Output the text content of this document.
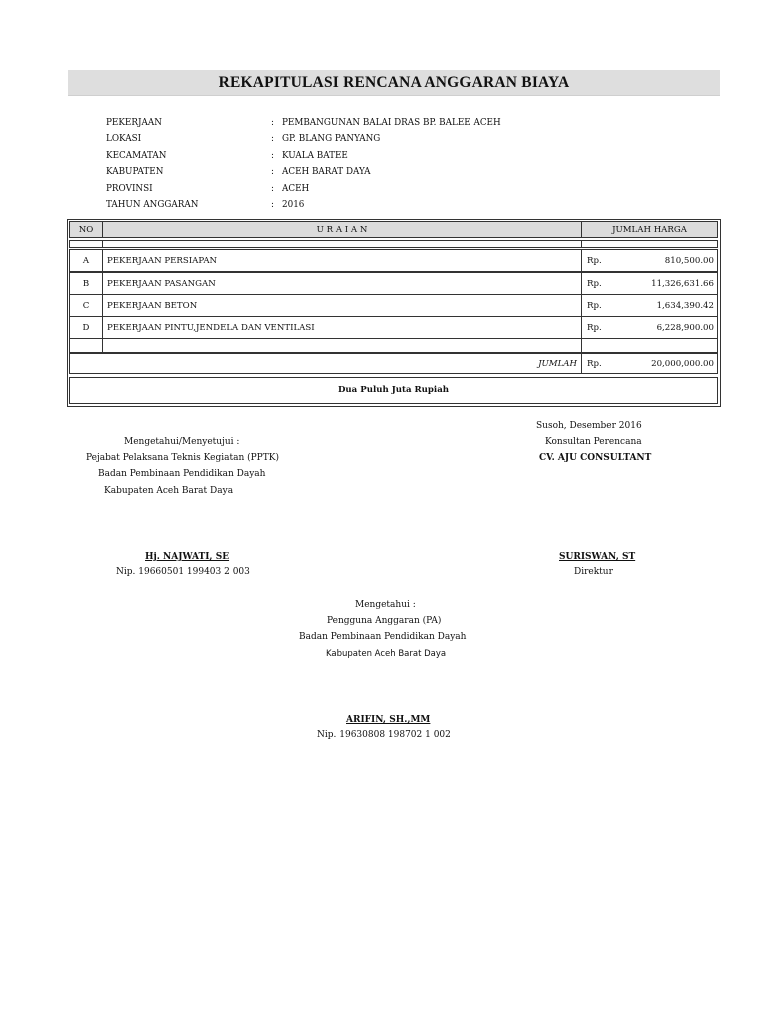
REKAPITULASI RENCANA ANGGARAN BIAYA
PEKERJAAN	: PEMBANGUNAN BALAI DRAS BP. BALEE ACEH
LOKASI	: GP. BLANG PANYANG
KECAMATAN	: KUALA BATEE
KABUPATEN	: ACEH BARAT DAYA
PROVINSI	: ACEH
TAHUN ANGGARAN	: 2016
NO	U R A I A N	JUMLAH HARGA
A	PEKERJAAN PERSIAPAN	Rp.	810,500.00
B	PEKERJAAN PASANGAN	Rp.	11,326,631.66
C	PEKERJAAN BETON	Rp.	1,634,390.42
D	PEKERJAAN PINTU,JENDELA DAN VENTILASI	Rp.	6,228,900.00
JUMLAH Rp.	20,000,000.00
Dua Puluh Juta Rupiah
Mengetahui/Menyetujui :
Pejabat Pelaksana Teknis Kegiatan (PPTK)
Badan Pembinaan Pendidikan Dayah
Kabupaten Aceh Barat Daya
Hj. NAJWATI, SE
Nip. 19660501 199403 2 003
Susoh, Desember 2016
Konsultan Perencana
CV. AJU CONSULTANT
SURISWAN, ST
Direktur
Mengetahui :
Pengguna Anggaran (PA)
Badan Pembinaan Pendidikan Dayah
Kabupaten Aceh Barat Daya
ARIFIN, SH.,MM
Nip. 19630808 198702 1 002
